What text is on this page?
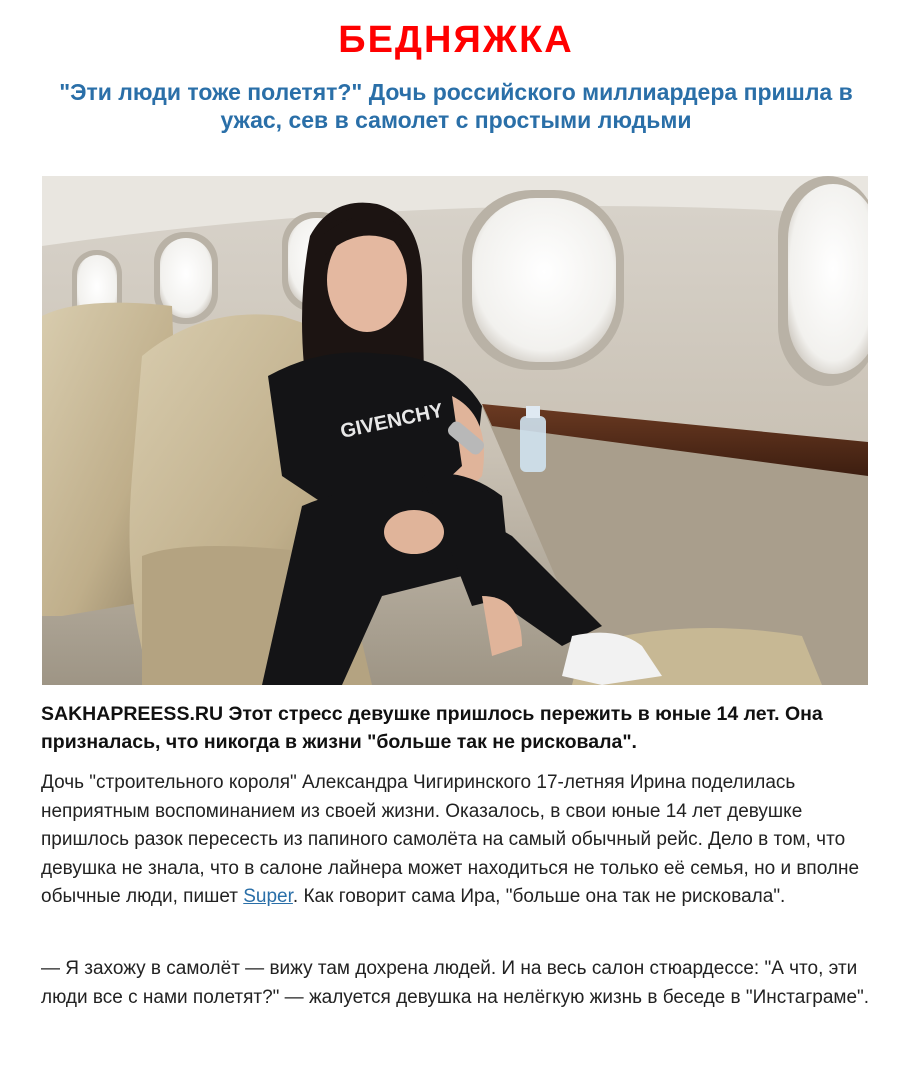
БЕДНЯЖКА
"Эти люди тоже полетят?" Дочь российского миллиардера пришла в ужас, сев в самолет с простыми людьми
GIVENCHY
SAKHAPREESS.RU Этот стресс девушке пришлось пережить в юные 14 лет. Она призналась, что никогда в жизни "больше так не рисковала".
Дочь "строительного короля" Александра Чигиринского 17-летняя Ирина поделилась неприятным воспоминанием из своей жизни. Оказалось, в свои юные 14 лет девушке пришлось разок пересесть из папиного самолёта на самый обычный рейс. Дело в том, что девушка не знала, что в салоне лайнера может находиться не только её семья, но и вполне обычные люди, пишет Super. Как говорит сама Ира, "больше она так не рисковала".
— Я захожу в самолёт — вижу там дохрена людей. И на весь салон стюардессе: "А что, эти люди все с нами полетят?" — жалуется девушка на нелёгкую жизнь в беседе в "Инстаграме".
